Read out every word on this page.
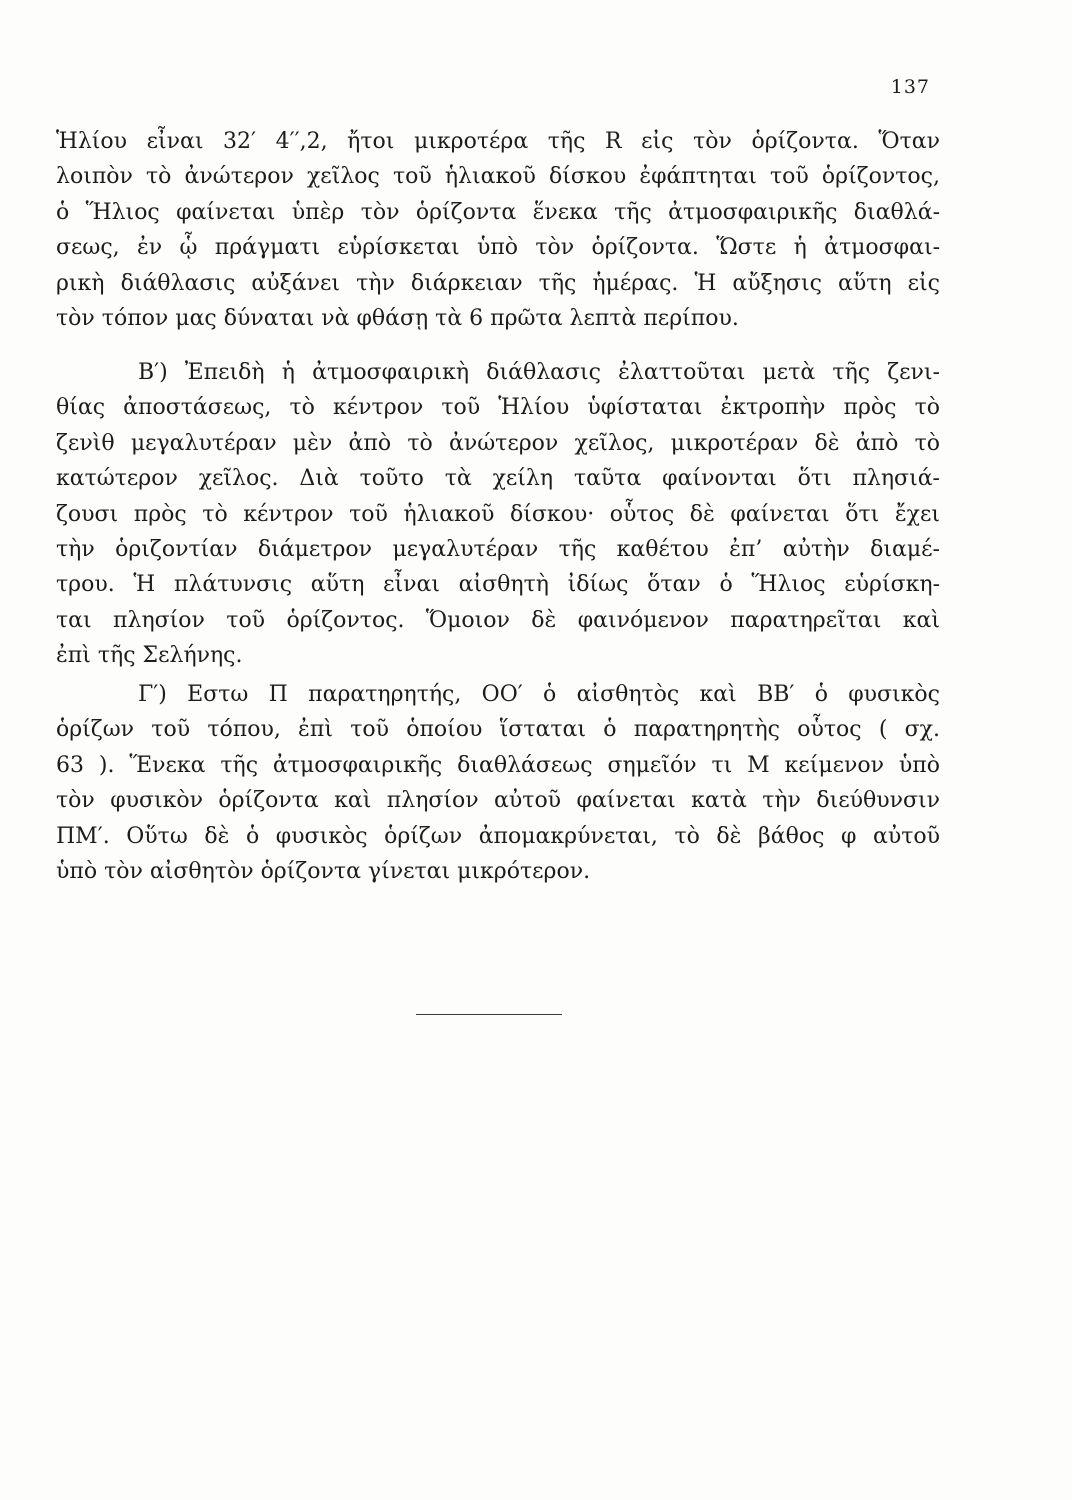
137
Ἡλίου εἶναι 32′ 4′′,2, ἤτοι μικροτέρα τῆς R εἰς τὸν ὁρίζοντα. Ὅταν
λοιπὸν τὸ ἀνώτερον χεῖλος τοῦ ἡλιακοῦ δίσκου ἐφάπτηται τοῦ ὁρίζοντος,
ὁ Ἥλιος φαίνεται ὑπὲρ τὸν ὁρίζοντα ἕνεκα τῆς ἀτμοσφαιρικῆς διαθλά-
σεως, ἐν ᾧ πράγματι εὑρίσκεται ὑπὸ τὸν ὁρίζοντα. Ὥστε ἡ ἀτμοσφαι-
ρικὴ διάθλασις αὐξάνει τὴν διάρκειαν τῆς ἡμέρας. Ἡ αὔξησις αὕτη εἰς
τὸν τόπον μας δύναται νὰ φθάσῃ τὰ 6 πρῶτα λεπτὰ περίπου.
Β′) Ἐπειδὴ ἡ ἀτμοσφαιρικὴ διάθλασις ἐλαττοῦται μετὰ τῆς ζενι-
θίας ἀποστάσεως, τὸ κέντρον τοῦ Ἡλίου ὑφίσταται ἐκτροπὴν πρὸς τὸ
ζενὶθ μεγαλυτέραν μὲν ἀπὸ τὸ ἀνώτερον χεῖλος, μικροτέραν δὲ ἀπὸ τὸ
κατώτερον χεῖλος. Διὰ τοῦτο τὰ χείλη ταῦτα φαίνονται ὅτι πλησιά-
ζουσι πρὸς τὸ κέντρον τοῦ ἡλιακοῦ δίσκου· οὗτος δὲ φαίνεται ὅτι ἔχει
τὴν ὁριζοντίαν διάμετρον μεγαλυτέραν τῆς καθέτου ἐπ’ αὐτὴν διαμέ-
τρου. Ἡ πλάτυνσις αὕτη εἶναι αἰσθητὴ ἰδίως ὅταν ὁ Ἥλιος εὑρίσκη-
ται πλησίον τοῦ ὁρίζοντος. Ὅμοιον δὲ φαινόμενον παρατηρεῖται καὶ
ἐπὶ τῆς Σελήνης.
Γ′) Εστω Π παρατηρητής, ΟΟ′ ὁ αἰσθητὸς καὶ ΒΒ′ ὁ φυσικὸς
ὁρίζων τοῦ τόπου, ἐπὶ τοῦ ὁποίου ἵσταται ὁ παρατηρητὴς οὗτος ( σχ.
63 ). Ἕνεκα τῆς ἀτμοσφαιρικῆς διαθλάσεως σημεῖόν τι Μ κείμενον ὑπὸ
τὸν φυσικὸν ὁρίζοντα καὶ πλησίον αὐτοῦ φαίνεται κατὰ τὴν διεύθυνσιν
ΠΜ′. Οὕτω δὲ ὁ φυσικὸς ὁρίζων ἀπομακρύνεται, τὸ δὲ βάθος φ αὐτοῦ
ὑπὸ τὸν αἰσθητὸν ὁρίζοντα γίνεται μικρότερον.
